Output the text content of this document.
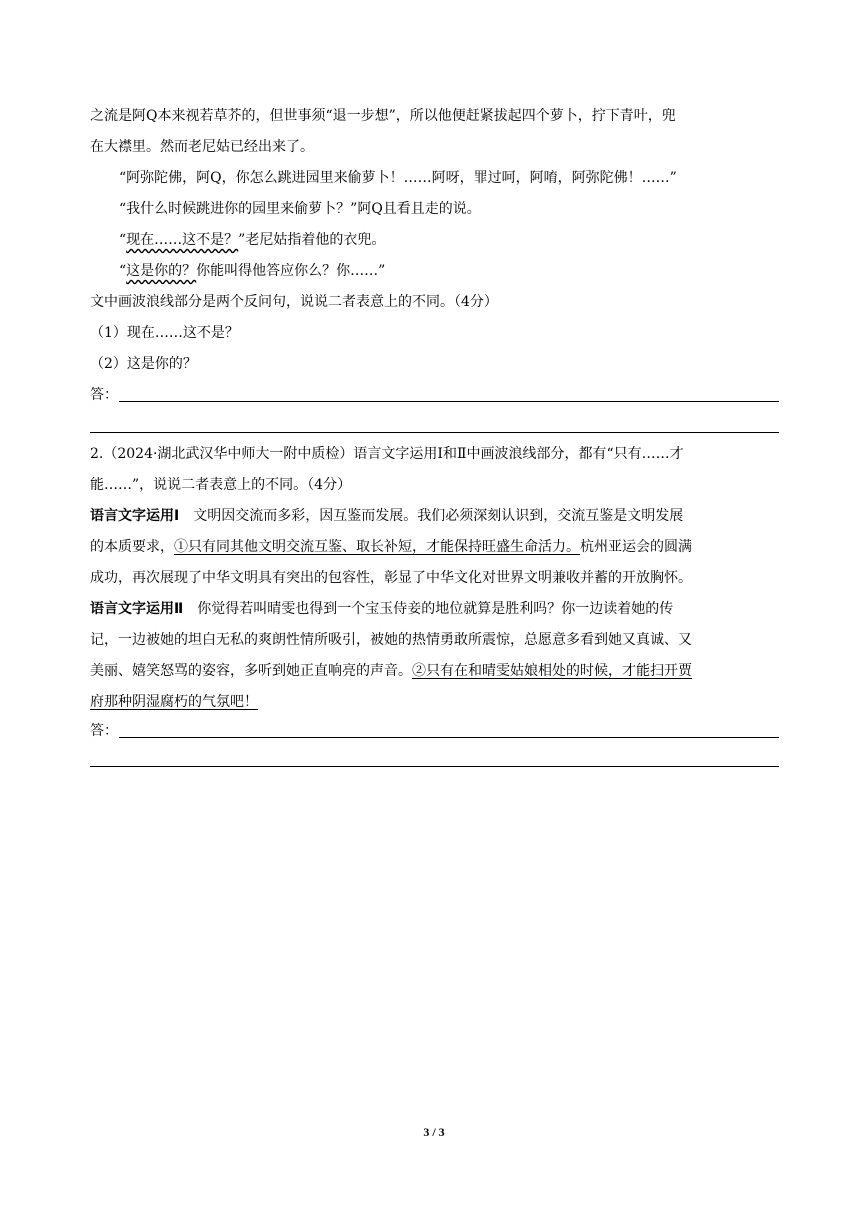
之流是阿Q本来视若草芥的，但世事须“退一步想”，所以他便赶紧拔起四个萝卜，拧下青叶，兜
在大襟里。然而老尼姑已经出来了。
“阿弥陀佛，阿Q，你怎么跳进园里来偷萝卜！……阿呀，罪过呵，阿唷，阿弥陀佛！……”
“我什么时候跳进你的园里来偷萝卜？”阿Q且看且走的说。
“现在……这不是？”老尼姑指着他的衣兜。
“这是你的？你能叫得他答应你么？你……”
文中画波浪线部分是两个反问句，说说二者表意上的不同。（4分）
（1）现在……这不是？
（2）这是你的？
答：
2.（2024·湖北武汉华中师大一附中质检）语言文字运用Ⅰ和Ⅱ中画波浪线部分，都有“只有……才
能……”，说说二者表意上的不同。（4分）
语言文字运用Ⅰ 文明因交流而多彩，因互鉴而发展。我们必须深刻认识到，交流互鉴是文明发展
的本质要求，①只有同其他文明交流互鉴、取长补短，才能保持旺盛生命活力。杭州亚运会的圆满
成功，再次展现了中华文明具有突出的包容性，彰显了中华文化对世界文明兼收并蓄的开放胸怀。
语言文字运用Ⅱ 你觉得若叫晴雯也得到一个宝玉侍妾的地位就算是胜利吗？你一边读着她的传
记，一边被她的坦白无私的爽朗性情所吸引，被她的热情勇敢所震惊，总愿意多看到她又真诚、又
美丽、嬉笑怒骂的姿容，多听到她正直响亮的声音。②只有在和晴雯姑娘相处的时候，才能扫开贾
府那种阴湿腐朽的气氛吧！
答：
3 / 3
